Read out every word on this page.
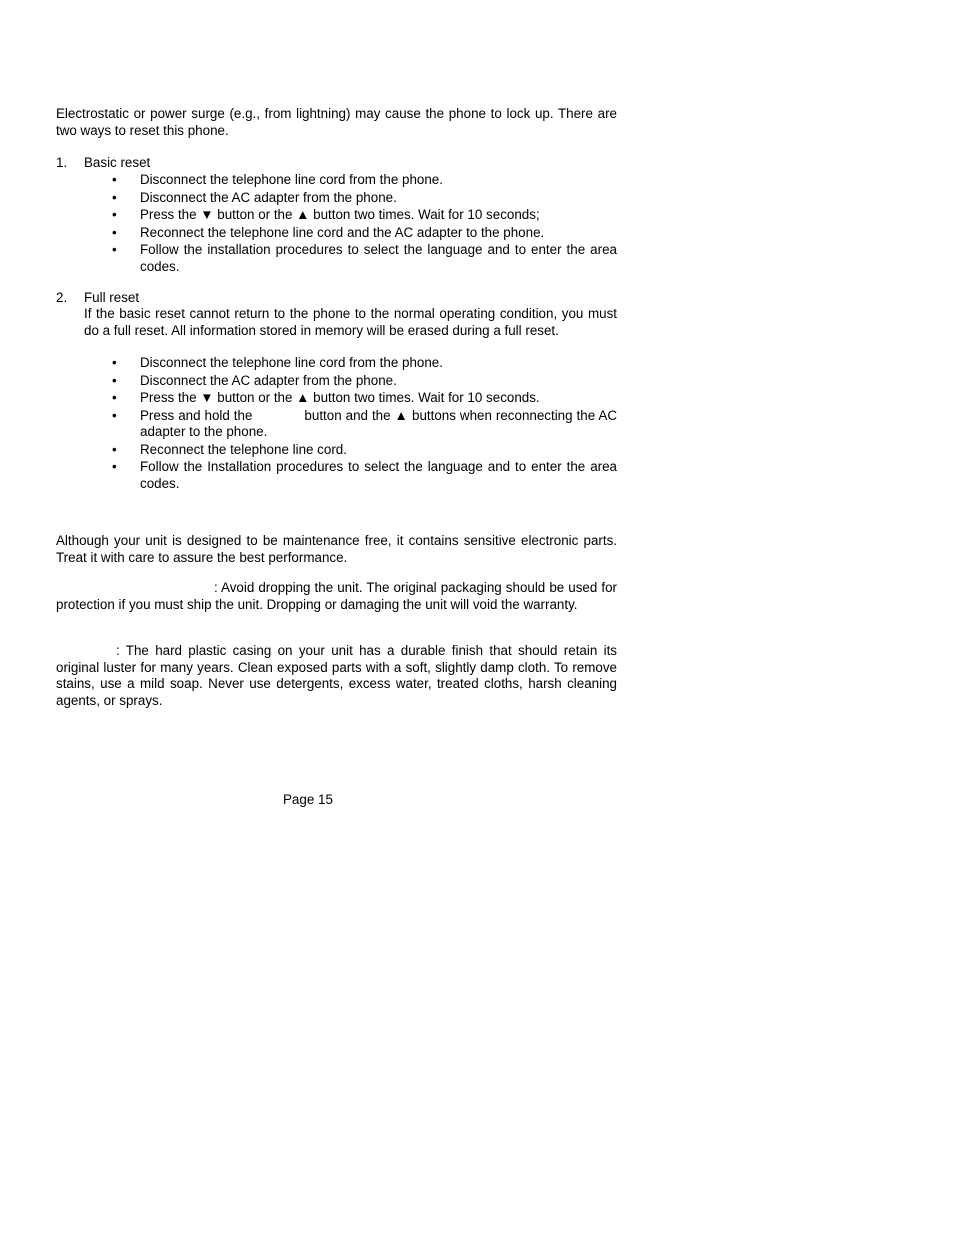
Electrostatic or power surge (e.g., from lightning) may cause the phone to lock up. There are two ways to reset this phone.

1. Basic reset
• Disconnect the telephone line cord from the phone.
• Disconnect the AC adapter from the phone.
• Press the ▼ button or the ▲ button two times. Wait for 10 seconds;
• Reconnect the telephone line cord and the AC adapter to the phone.
• Follow the installation procedures to select the language and to enter the area codes.
2. Full reset

If the basic reset cannot return to the phone to the normal operating condition, you must do a full reset. All information stored in memory will be erased during a full reset.

• Disconnect the telephone line cord from the phone.
• Disconnect the AC adapter from the phone.
• Press the ▼ button or the ▲ button two times. Wait for 10 seconds.
• Press and hold the	button and the ▲ buttons when reconnecting the AC adapter to the phone.
• Reconnect the telephone line cord.
• Follow the Installation procedures to select the language and to enter the area codes.

Although your unit is designed to be maintenance free, it contains sensitive electronic parts. Treat it with care to assure the best performance.

: Avoid dropping the unit. The original packaging should be used for protection if you must ship the unit. Dropping or damaging the unit will void the warranty.

: The hard plastic casing on your unit has a durable finish that should retain its original luster for many years. Clean exposed parts with a soft, slightly damp cloth. To remove stains, use a mild soap. Never use detergents, excess water, treated cloths, harsh cleaning agents, or sprays.

Page 15
